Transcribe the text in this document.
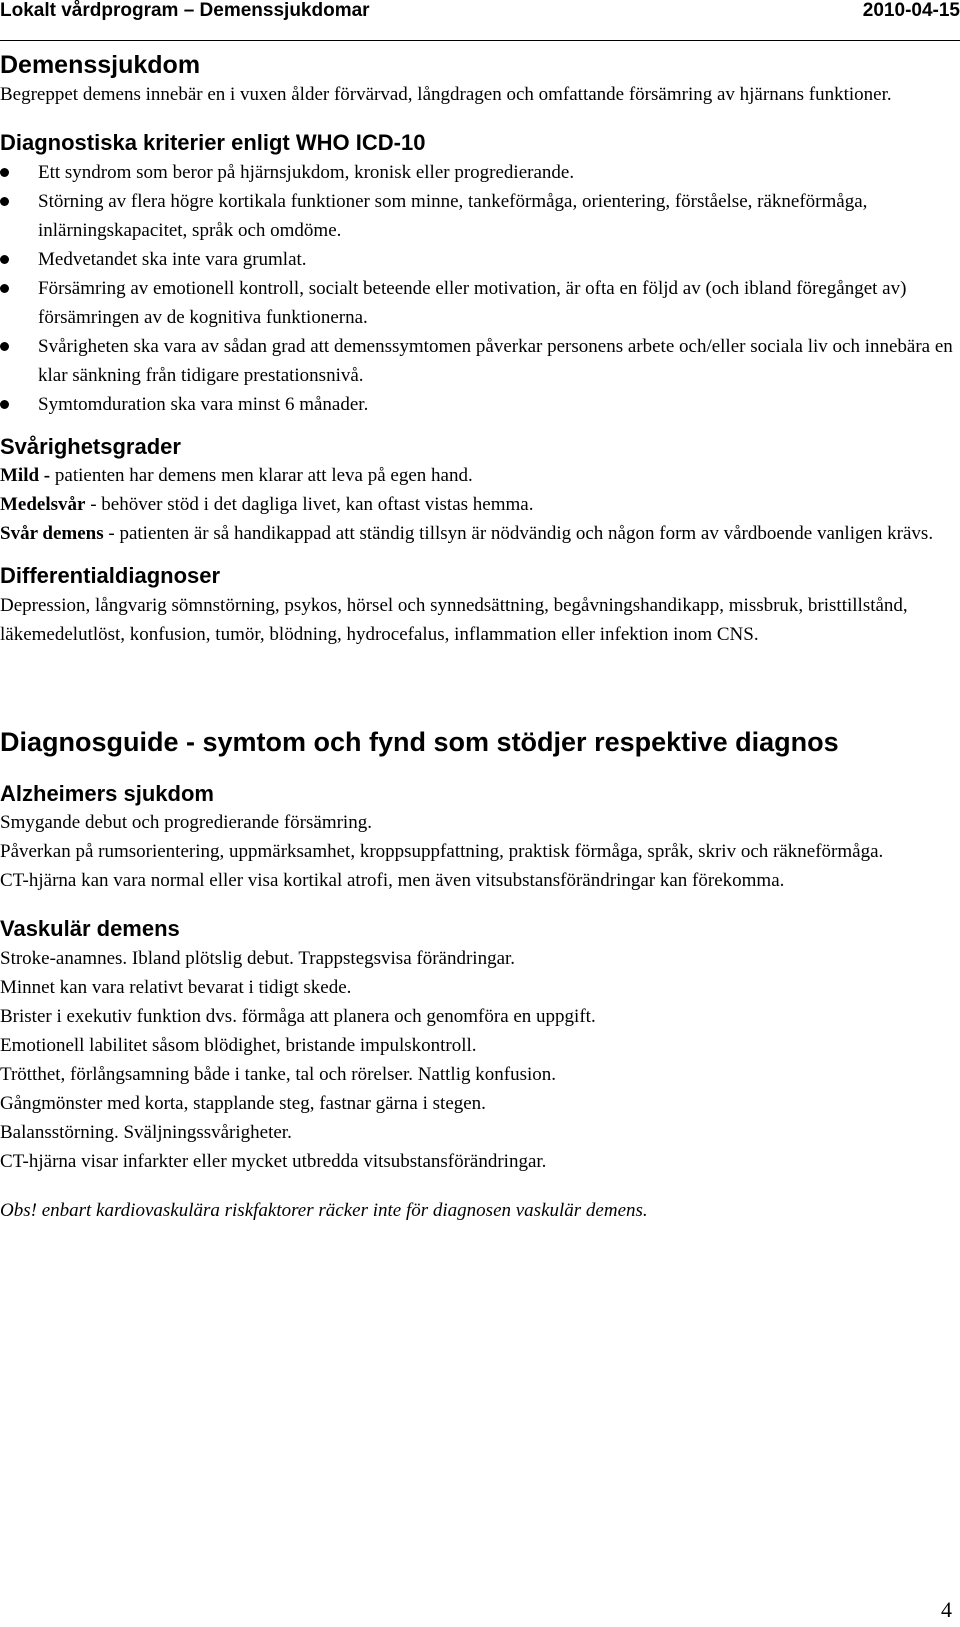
Lokalt vårdprogram – Demenssjukdomar	2010-04-15
Demenssjukdom

Begreppet demens innebär en i vuxen ålder förvärvad, långdragen och omfattande försämring av hjärnans funktioner.

Diagnostiska kriterier enligt WHO ICD-10
Ett syndrom som beror på hjärnsjukdom, kronisk eller progredierande.
Störning av flera högre kortikala funktioner som minne, tankeförmåga, orientering, förståelse, räkneförmåga, inlärningskapacitet, språk och omdöme.
Medvetandet ska inte vara grumlat.
Försämring av emotionell kontroll, socialt beteende eller motivation, är ofta en följd av (och ibland föregånget av) försämringen av de kognitiva funktionerna.
Svårigheten ska vara av sådan grad att demenssymtomen påverkar personens arbete och/eller sociala liv och innebära en klar sänkning från tidigare prestationsnivå.
Symtomduration ska vara minst 6 månader.
Svårighetsgrader

Mild - patienten har demens men klarar att leva på egen hand.

Medelsvår - behöver stöd i det dagliga livet, kan oftast vistas hemma.

Svår demens - patienten är så handikappad att ständig tillsyn är nödvändig och någon form av vårdboende vanligen krävs.

Differentialdiagnoser

Depression, långvarig sömnstörning, psykos, hörsel och synnedsättning, begåvningshandikapp, missbruk, bristtillstånd, läkemedelutlöst, konfusion, tumör, blödning, hydrocefalus, inflammation eller infektion inom CNS.

Diagnosguide - symtom och fynd som stödjer respektive diagnos
Alzheimers sjukdom

Smygande debut och progredierande försämring.

Påverkan på rumsorientering, uppmärksamhet, kroppsuppfattning, praktisk förmåga, språk, skriv och räkneförmåga.

CT-hjärna kan vara normal eller visa kortikal atrofi, men även vitsubstansförändringar kan förekomma.

Vaskulär demens

Stroke-anamnes. Ibland plötslig debut. Trappstegsvisa förändringar.

Minnet kan vara relativt bevarat i tidigt skede.

Brister i exekutiv funktion dvs. förmåga att planera och genomföra en uppgift.

Emotionell labilitet såsom blödighet, bristande impulskontroll.

Trötthet, förlångsamning både i tanke, tal och rörelser. Nattlig konfusion.

Gångmönster med korta, stapplande steg, fastnar gärna i stegen.

Balansstörning. Sväljningssvårigheter.

CT-hjärna visar infarkter eller mycket utbredda vitsubstansförändringar.

Obs! enbart kardiovaskulära riskfaktorer räcker inte för diagnosen vaskulär demens.

4
